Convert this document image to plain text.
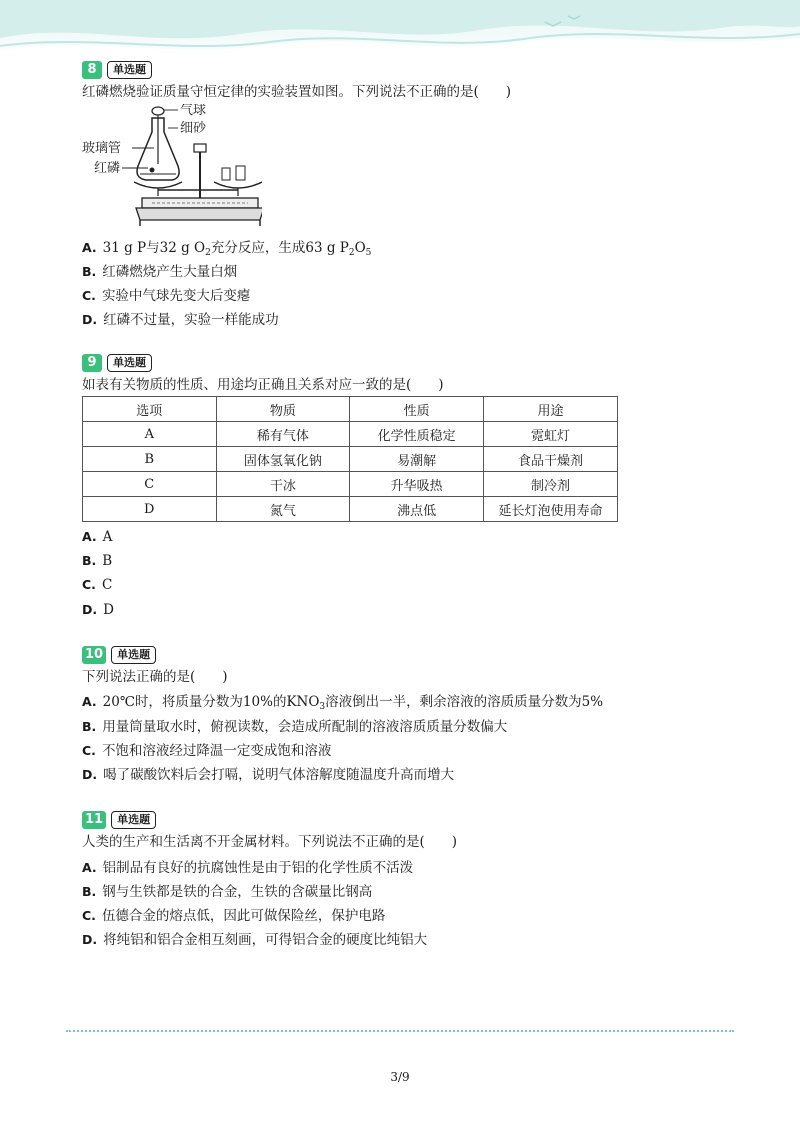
8	单选题
红磷燃烧验证质量守恒定律的实验装置如图。下列说法不正确的是(　　)
气球
细砂
玻璃管
红磷
A. 31 g P与32 g $O_2$充分反应，生成63 g $P_2O_5$
B. 红磷燃烧产生大量白烟
C. 实验中气球先变大后变瘪
D. 红磷不过量，实验一样能成功
9	单选题
如表有关物质的性质、用途均正确且关系对应一致的是(　　)
选项	物质	性质	用途
A	稀有气体	化学性质稳定	霓虹灯
B	固体氢氧化钠	易潮解	食品干燥剂
C	干冰	升华吸热	制冷剂
D	氮气	沸点低	延长灯泡使用寿命
A. A
B. B
C. C
D. D
10	单选题
下列说法正确的是(　　)
A. 20℃时，将质量分数为10%的$KNO_3$溶液倒出一半，剩余溶液的溶质质量分数为5%
B. 用量筒量取水时，俯视读数，会造成所配制的溶液溶质质量分数偏大
C. 不饱和溶液经过降温一定变成饱和溶液
D. 喝了碳酸饮料后会打嗝，说明气体溶解度随温度升高而增大
11	单选题
人类的生产和生活离不开金属材料。下列说法不正确的是(　　)
A. 铝制品有良好的抗腐蚀性是由于铝的化学性质不活泼
B. 钢与生铁都是铁的合金，生铁的含碳量比钢高
C. 伍德合金的熔点低，因此可做保险丝，保护电路
D. 将纯铝和铝合金相互刻画，可得铝合金的硬度比纯铝大
3/9
